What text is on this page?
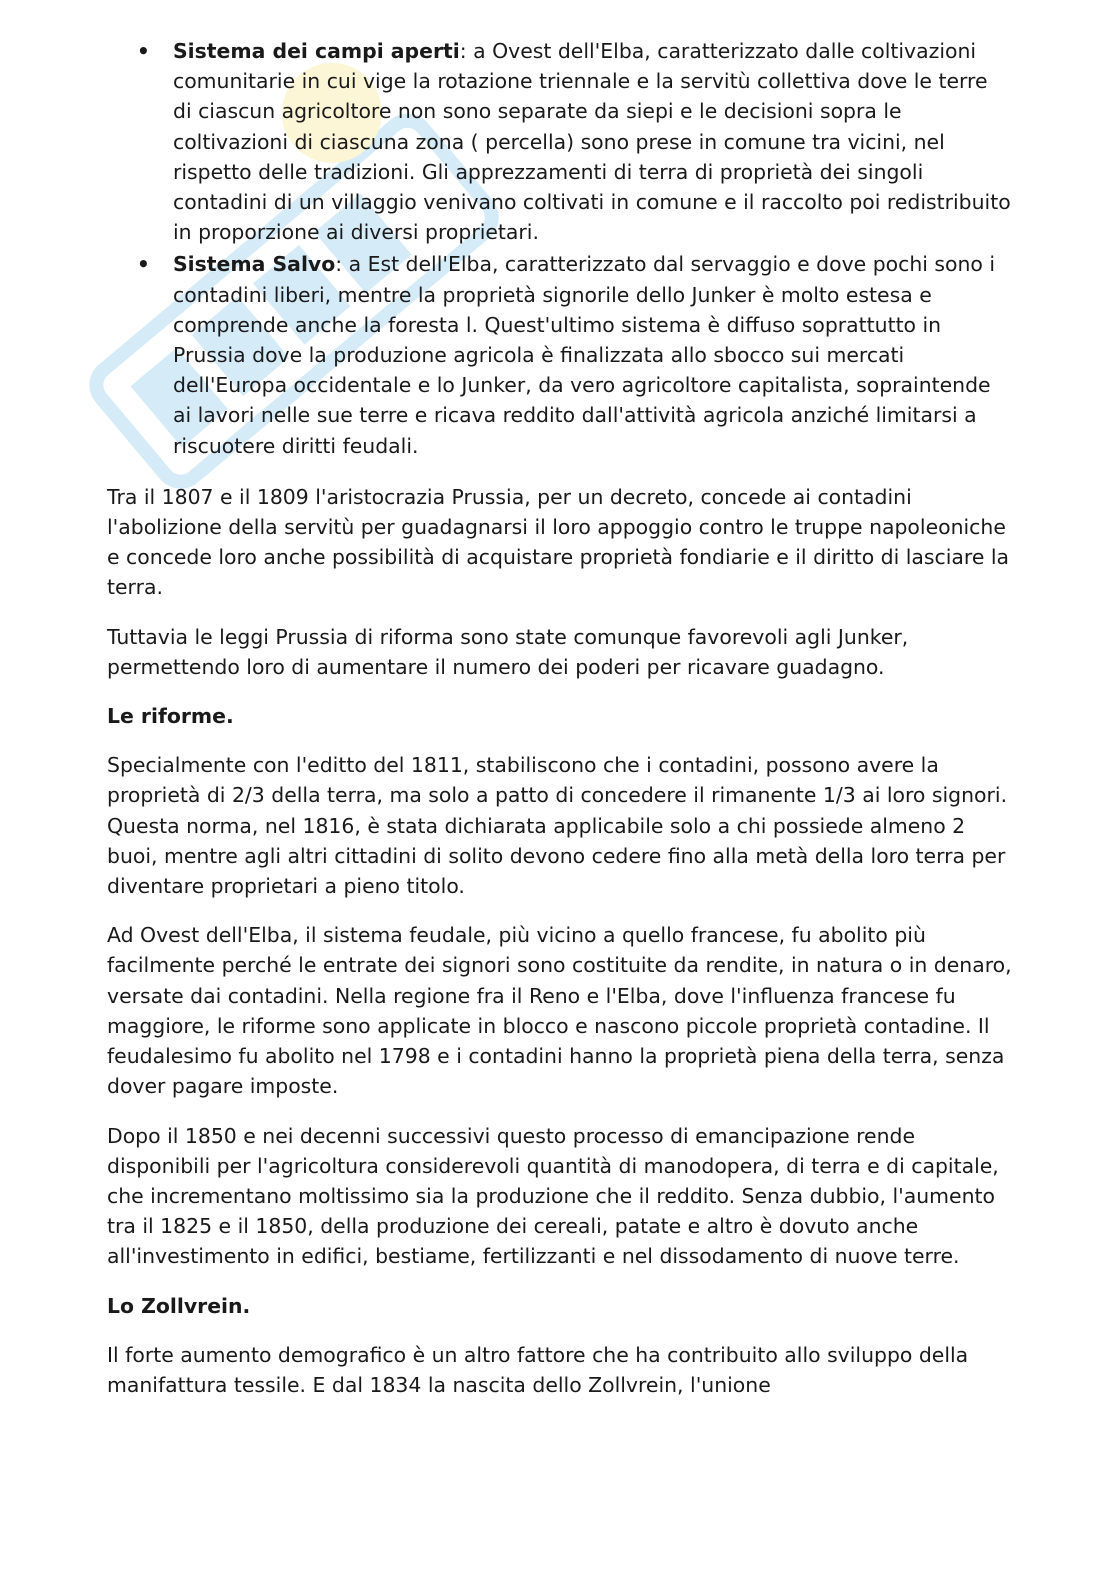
• Sistema dei campi aperti: a Ovest dell'Elba, caratterizzato dalle coltivazioni comunitarie in cui vige la rotazione triennale e la servitù collettiva dove le terre di ciascun agricoltore non sono separate da siepi e le decisioni sopra le coltivazioni di ciascuna zona ( percella) sono prese in comune tra vicini, nel rispetto delle tradizioni. Gli apprezzamenti di terra di proprietà dei singoli contadini di un villaggio venivano coltivati in comune e il raccolto poi redistribuito in proporzione ai diversi proprietari.
• Sistema Salvo: a Est dell'Elba, caratterizzato dal servaggio e dove pochi sono i contadini liberi, mentre la proprietà signorile dello Junker è molto estesa e comprende anche la foresta l. Quest'ultimo sistema è diffuso soprattutto in Prussia dove la produzione agricola è finalizzata allo sbocco sui mercati dell'Europa occidentale e lo Junker, da vero agricoltore capitalista, sopraintende ai lavori nelle sue terre e ricava reddito dall'attività agricola anziché limitarsi a riscuotere diritti feudali.

Tra il 1807 e il 1809 l'aristocrazia Prussia, per un decreto, concede ai contadini l'abolizione della servitù per guadagnarsi il loro appoggio contro le truppe napoleoniche e concede loro anche possibilità di acquistare proprietà fondiarie e il diritto di lasciare la terra.

Tuttavia le leggi Prussia di riforma sono state comunque favorevoli agli Junker, permettendo loro di aumentare il numero dei poderi per ricavare guadagno.

Le riforme.

Specialmente con l'editto del 1811, stabiliscono che i contadini, possono avere la proprietà di 2/3 della terra, ma solo a patto di concedere il rimanente 1/3 ai loro signori. Questa norma, nel 1816, è stata dichiarata applicabile solo a chi possiede almeno 2 buoi, mentre agli altri cittadini di solito devono cedere fino alla metà della loro terra per diventare proprietari a pieno titolo.

Ad Ovest dell'Elba, il sistema feudale, più vicino a quello francese, fu abolito più facilmente perché le entrate dei signori sono costituite da rendite, in natura o in denaro, versate dai contadini. Nella regione fra il Reno e l'Elba, dove l'influenza francese fu maggiore, le riforme sono applicate in blocco e nascono piccole proprietà contadine. Il feudalesimo fu abolito nel 1798 e i contadini hanno la proprietà piena della terra, senza dover pagare imposte.

Dopo il 1850 e nei decenni successivi questo processo di emancipazione rende disponibili per l'agricoltura considerevoli quantità di manodopera, di terra e di capitale, che incrementano moltissimo sia la produzione che il reddito. Senza dubbio, l'aumento tra il 1825 e il 1850, della produzione dei cereali, patate e altro è dovuto anche all'investimento in edifici, bestiame, fertilizzanti e nel dissodamento di nuove terre.

Lo Zollvrein.

Il forte aumento demografico è un altro fattore che ha contribuito allo sviluppo della manifattura tessile. E dal 1834 la nascita dello Zollvrein, l'unione
